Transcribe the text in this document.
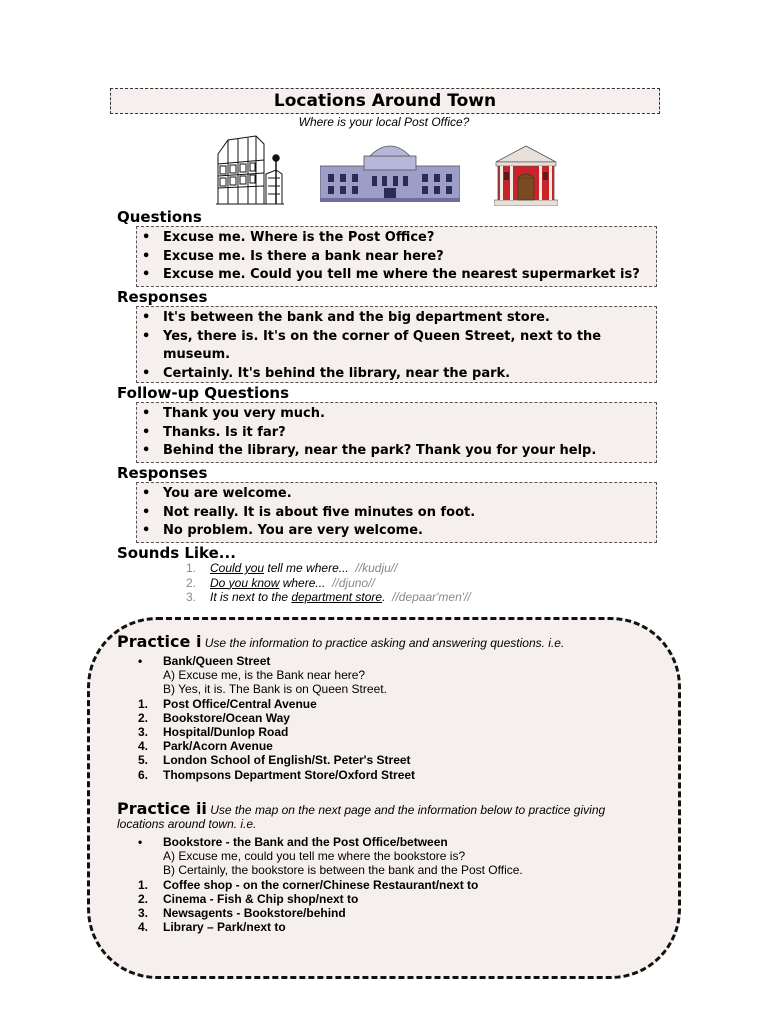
Locations Around Town
Where is your local Post Office?
Questions
• Excuse me. Where is the Post Office?
• Excuse me. Is there a bank near here?
• Excuse me. Could you tell me where the nearest supermarket is?
Responses
• It's between the bank and the big department store.
• Yes, there is. It's on the corner of Queen Street, next to the museum.
• Certainly. It's behind the library, near the park.
Follow-up Questions
• Thank you very much.
• Thanks. Is it far?
• Behind the library, near the park? Thank you for your help.
Responses
• You are welcome.
• Not really. It is about five minutes on foot.
• No problem. You are very welcome.
Sounds Like...
1. Could you tell me where... //kudju//
2. Do you know where... //djuno//
3. It is next to the department store. //depaar'men'//
Practice i Use the information to practice asking and answering questions. i.e.
• Bank/Queen Street
A) Excuse me, is the Bank near here?
B) Yes, it is. The Bank is on Queen Street.
1. Post Office/Central Avenue
2. Bookstore/Ocean Way
3. Hospital/Dunlop Road
4. Park/Acorn Avenue
5. London School of English/St. Peter's Street
6. Thompsons Department Store/Oxford Street
Practice ii Use the map on the next page and the information below to practice giving locations around town. i.e.
• Bookstore - the Bank and the Post Office/between
A) Excuse me, could you tell me where the bookstore is?
B) Certainly, the bookstore is between the bank and the Post Office.
1. Coffee shop - on the corner/Chinese Restaurant/next to
2. Cinema - Fish & Chip shop/next to
3. Newsagents - Bookstore/behind
4. Library – Park/next to
